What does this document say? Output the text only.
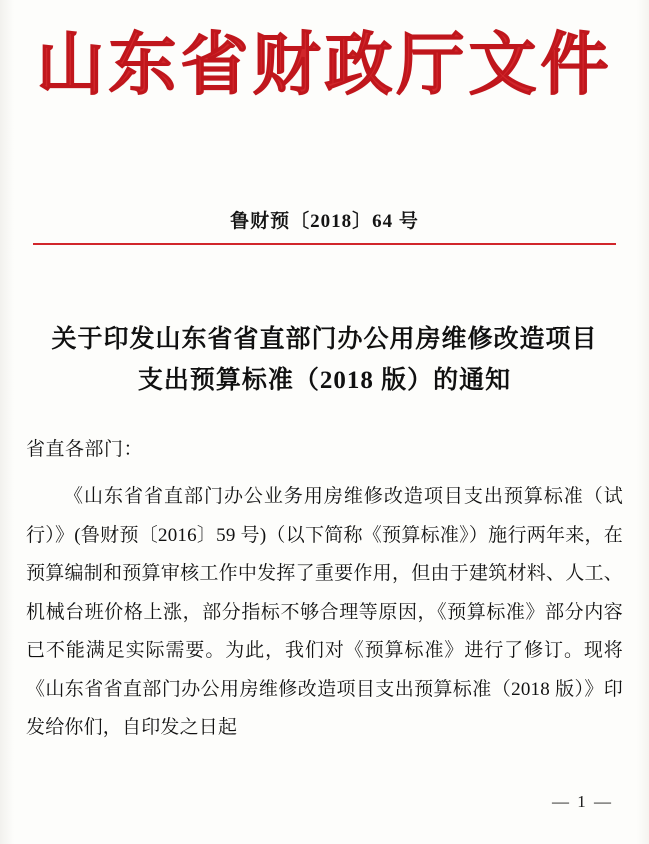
山东省财政厅文件
鲁财预〔2018〕64 号
关于印发山东省省直部门办公用房维修改造项目支出预算标准（2018 版）的通知
省直各部门：

《山东省省直部门办公业务用房维修改造项目支出预算标准（试行）》(鲁财预〔2016〕59 号)（以下简称《预算标准》）施行两年来，在预算编制和预算审核工作中发挥了重要作用，但由于建筑材料、人工、机械台班价格上涨，部分指标不够合理等原因，《预算标准》部分内容已不能满足实际需要。为此，我们对《预算标准》进行了修订。现将《山东省省直部门办公用房维修改造项目支出预算标准（2018 版）》印发给你们，自印发之日起

— 1 —
